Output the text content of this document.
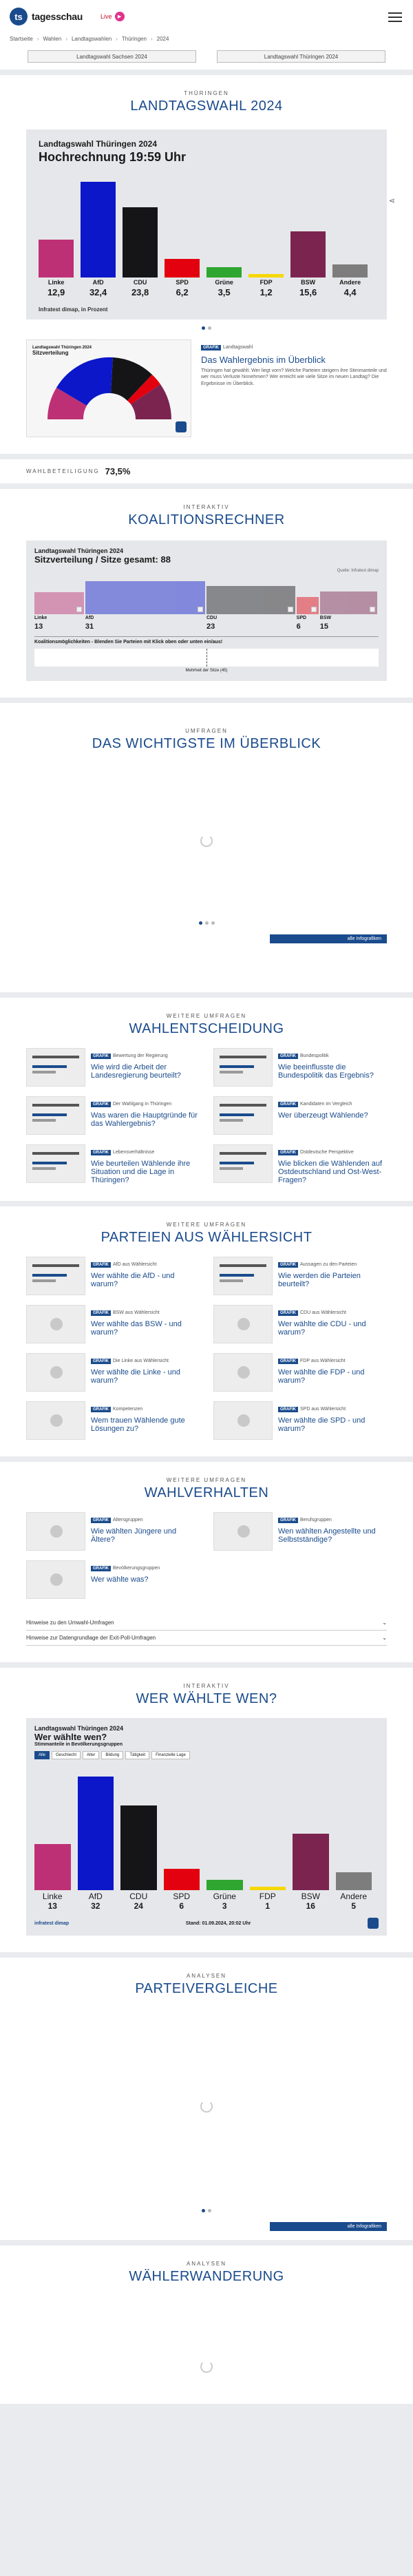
ts tagesschau	Live	▶
Startseite › Wahlen › Landtagswahlen › Thüringen › 2024
Landtagswahl Sachsen 2024	Landtagswahl Thüringen 2024
THÜRINGEN
LANDTAGSWAHL 2024
⋖
Landtagswahl Thüringen 2024
Hochrechnung 19:59 Uhr
Linke
12,9
AfD
32,4
CDU
23,8
SPD
6,2
Grüne
3,5
FDP
1,2
BSW
15,6
Andere
4,4
Infratest dimap, in Prozent
Landtagswahl Thüringen 2024
Sitzverteilung
GRAFIK Landtagswahl
Das Wahlergebnis im Überblick
Thüringen hat gewählt. Wer liegt vorn? Welche Parteien steigern ihre Stimmanteile und wer muss Verluste hinnehmen? Wer erreicht wie viele Sitze im neuen Landtag? Die Ergebnisse im Überblick.
WAHLBETEILIGUNG 73,5%
INTERAKTIV
KOALITIONSRECHNER
Landtagswahl Thüringen 2024
Sitzverteilung / Sitze gesamt: 88
Quelle: Infratest dimap
Linke	AfD	CDU	SPD	BSW
13	31	23	6	15
Koalitionsmöglichkeiten - Blenden Sie Parteien mit Klick oben oder unten ein/aus!
Mehrheit der Sitze (45)
UMFRAGEN
DAS WICHTIGSTE IM ÜBERBLICK
alle Infografiken
WEITERE UMFRAGEN
WAHLENTSCHEIDUNG
GRAFIK Bewertung der Regierung
Wie wird die Arbeit der Landesregierung beurteilt?
GRAFIK Bundespolitik
Wie beeinflusste die Bundespolitik das Ergebnis?
GRAFIK Der Wahlgang in Thüringen
Was waren die Hauptgründe für das Wahlergebnis?
GRAFIK Kandidaten im Vergleich
Wer überzeugt Wählende?
GRAFIK Lebensverhältnisse
Wie beurteilen Wählende ihre Situation und die Lage in Thüringen?
GRAFIK Ostdeutsche Perspektive
Wie blicken die Wählenden auf Ostdeutschland und Ost-West-Fragen?
WEITERE UMFRAGEN
PARTEIEN AUS WÄHLERSICHT
GRAFIK AfD aus Wählersicht
Wer wählte die AfD - und warum?
GRAFIK Aussagen zu den Parteien
Wie werden die Parteien beurteilt?
GRAFIK BSW aus Wählersicht
Wer wählte das BSW - und warum?
GRAFIK CDU aus Wählersicht
Wer wählte die CDU - und warum?
GRAFIK Die Linke aus Wählersicht
Wer wählte die Linke - und warum?
GRAFIK FDP aus Wählersicht
Wer wählte die FDP - und warum?
GRAFIK Kompetenzen
Wem trauen Wählende gute Lösungen zu?
GRAFIK SPD aus Wählersicht
Wer wählte die SPD - und warum?
WEITERE UMFRAGEN
WAHLVERHALTEN
GRAFIK Altersgruppen
Wie wählten Jüngere und Ältere?
GRAFIK Berufsgruppen
Wen wählten Angestellte und Selbstständige?
GRAFIK Bevölkerungsgruppen
Wer wählte was?
Hinweise zu den Umwahl-Umfragen	⌄
Hinweise zur Datengrundlage der Exit-Poll-Umfragen	⌄
INTERAKTIV
WER WÄHLTE WEN?
Landtagswahl Thüringen 2024
Wer wählte wen?
Stimmanteile in Bevölkerungsgruppen
Alle	Geschlecht	Alter	Bildung	Tätigkeit	Finanzielle Lage
Linke	AfD	CDU	SPD	Grüne	FDP	BSW	Andere
13	32	24	6	3	1	16	5
infratest dimap	Stand: 01.09.2024, 20:02 Uhr
ANALYSEN
PARTEIVERGLEICHE
alle Infografiken
ANALYSEN
WÄHLERWANDERUNG
